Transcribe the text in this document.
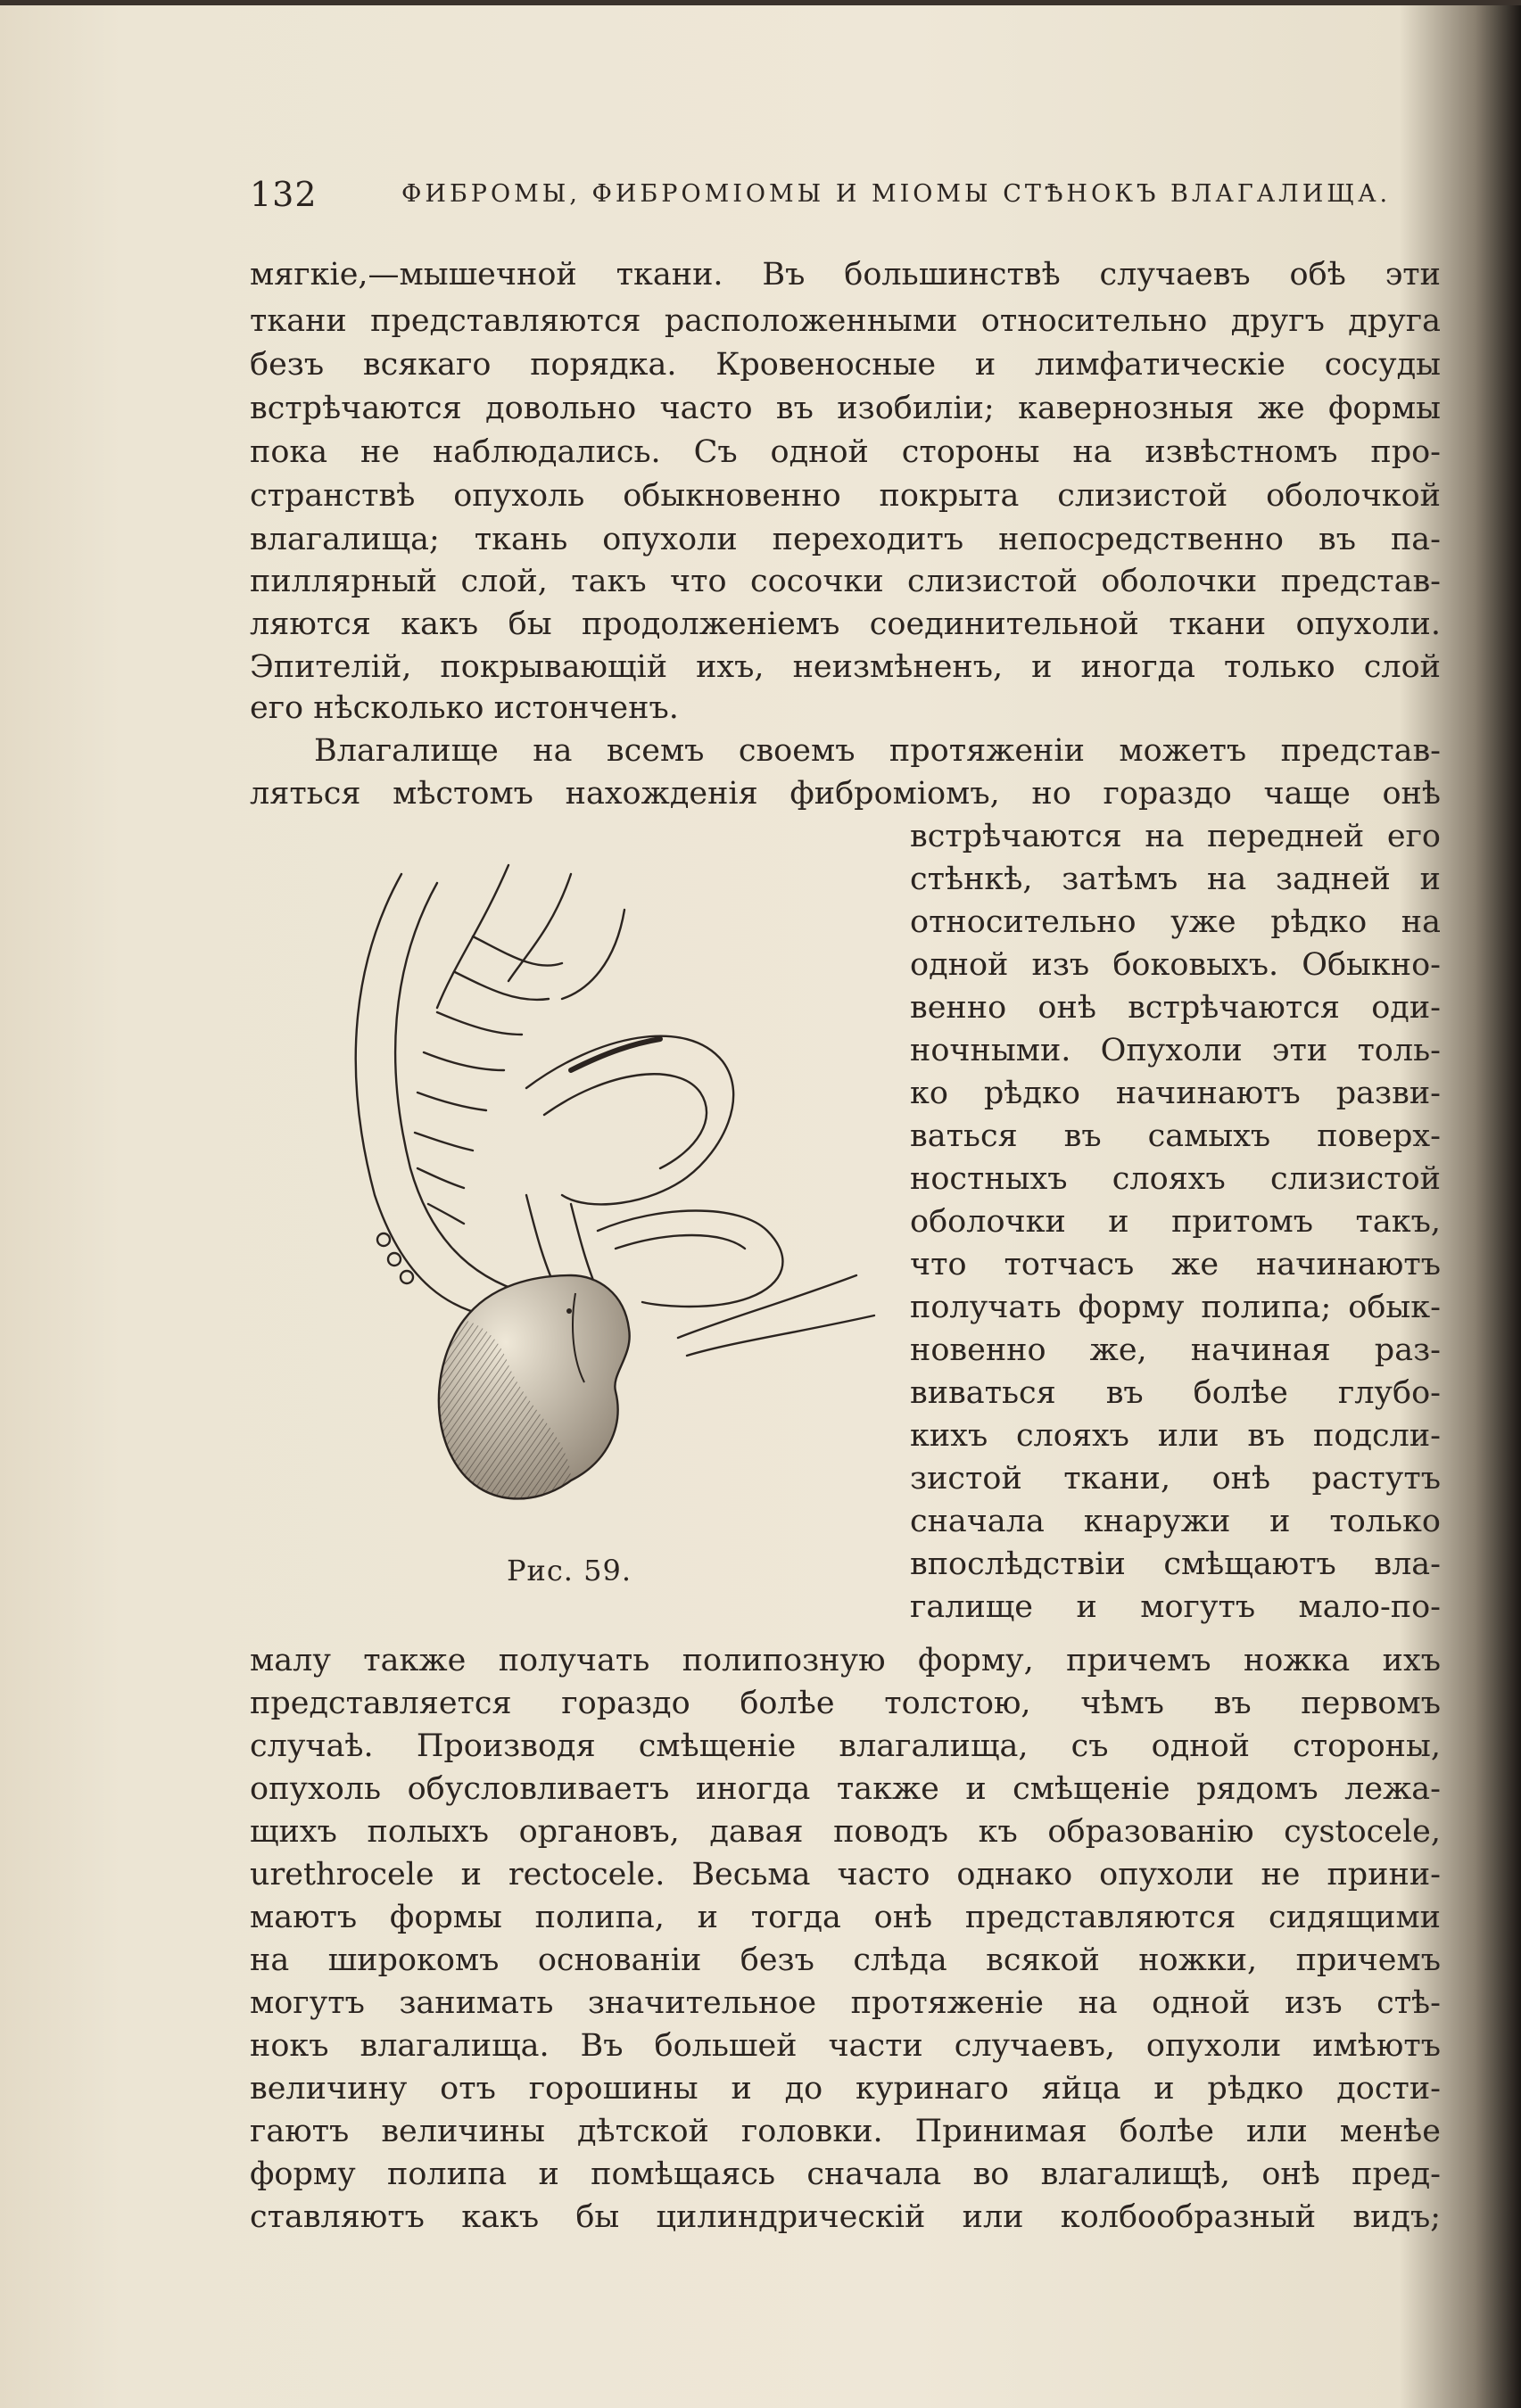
132	ФИБРОМЫ, ФИБРОМІОМЫ И МІОМЫ СТѢНОКЪ ВЛАГАЛИЩА.
мягкіе,—мышечной ткани. Въ большинствѣ случаевъ обѣ эти
ткани представляются расположенными относительно другъ друга
безъ всякаго порядка. Кровеносные и лимфатическіе сосуды
встрѣчаются довольно часто въ изобиліи; кавернозныя же формы
пока не наблюдались. Съ одной стороны на извѣстномъ про-
странствѣ опухоль обыкновенно покрыта слизистой оболочкой
влагалища; ткань опухоли переходитъ непосредственно въ па-
пиллярный слой, такъ что сосочки слизистой оболочки представ-
ляются какъ бы продолженіемъ соединительной ткани опухоли.
Эпителій, покрывающій ихъ, неизмѣненъ, и иногда только слой
его нѣсколько истонченъ.
Влагалище на всемъ своемъ протяженіи можетъ представ-
ляться мѣстомъ нахожденія фиброміомъ, но гораздо чаще онѣ
встрѣчаются на передней его
стѣнкѣ, затѣмъ на задней и
относительно уже рѣдко на
одной изъ боковыхъ. Обыкно-
венно онѣ встрѣчаются оди-
ночными. Опухоли эти толь-
ко рѣдко начинаютъ разви-
ваться въ самыхъ поверх-
ностныхъ слояхъ слизистой
оболочки и притомъ такъ,
что тотчасъ же начинаютъ
получать форму полипа; обык-
новенно же, начиная раз-
виваться въ болѣе глубо-
кихъ слояхъ или въ подсли-
зистой ткани, онѣ растутъ
сначала кнаружи и только
впослѣдствіи смѣщаютъ вла-
галище и могутъ мало-по-
малу также получать полипозную форму, причемъ ножка ихъ
представляется гораздо болѣе толстою, чѣмъ въ первомъ
случаѣ. Производя смѣщеніе влагалища, съ одной стороны,
опухоль обусловливаетъ иногда также и смѣщеніе рядомъ лежа-
щихъ полыхъ органовъ, давая поводъ къ образованію cystocele,
urethrocele и rectocele. Весьма часто однако опухоли не прини-
маютъ формы полипа, и тогда онѣ представляются сидящими
на широкомъ основаніи безъ слѣда всякой ножки, причемъ
могутъ занимать значительное протяженіе на одной изъ стѣ-
нокъ влагалища. Въ большей части случаевъ, опухоли имѣютъ
величину отъ горошины и до куринаго яйца и рѣдко дости-
гаютъ величины дѣтской головки. Принимая болѣе или менѣе
форму полипа и помѣщаясь сначала во влагалищѣ, онѣ пред-
ставляютъ какъ бы цилиндрическій или колбообразный видъ;
Рис. 59.
